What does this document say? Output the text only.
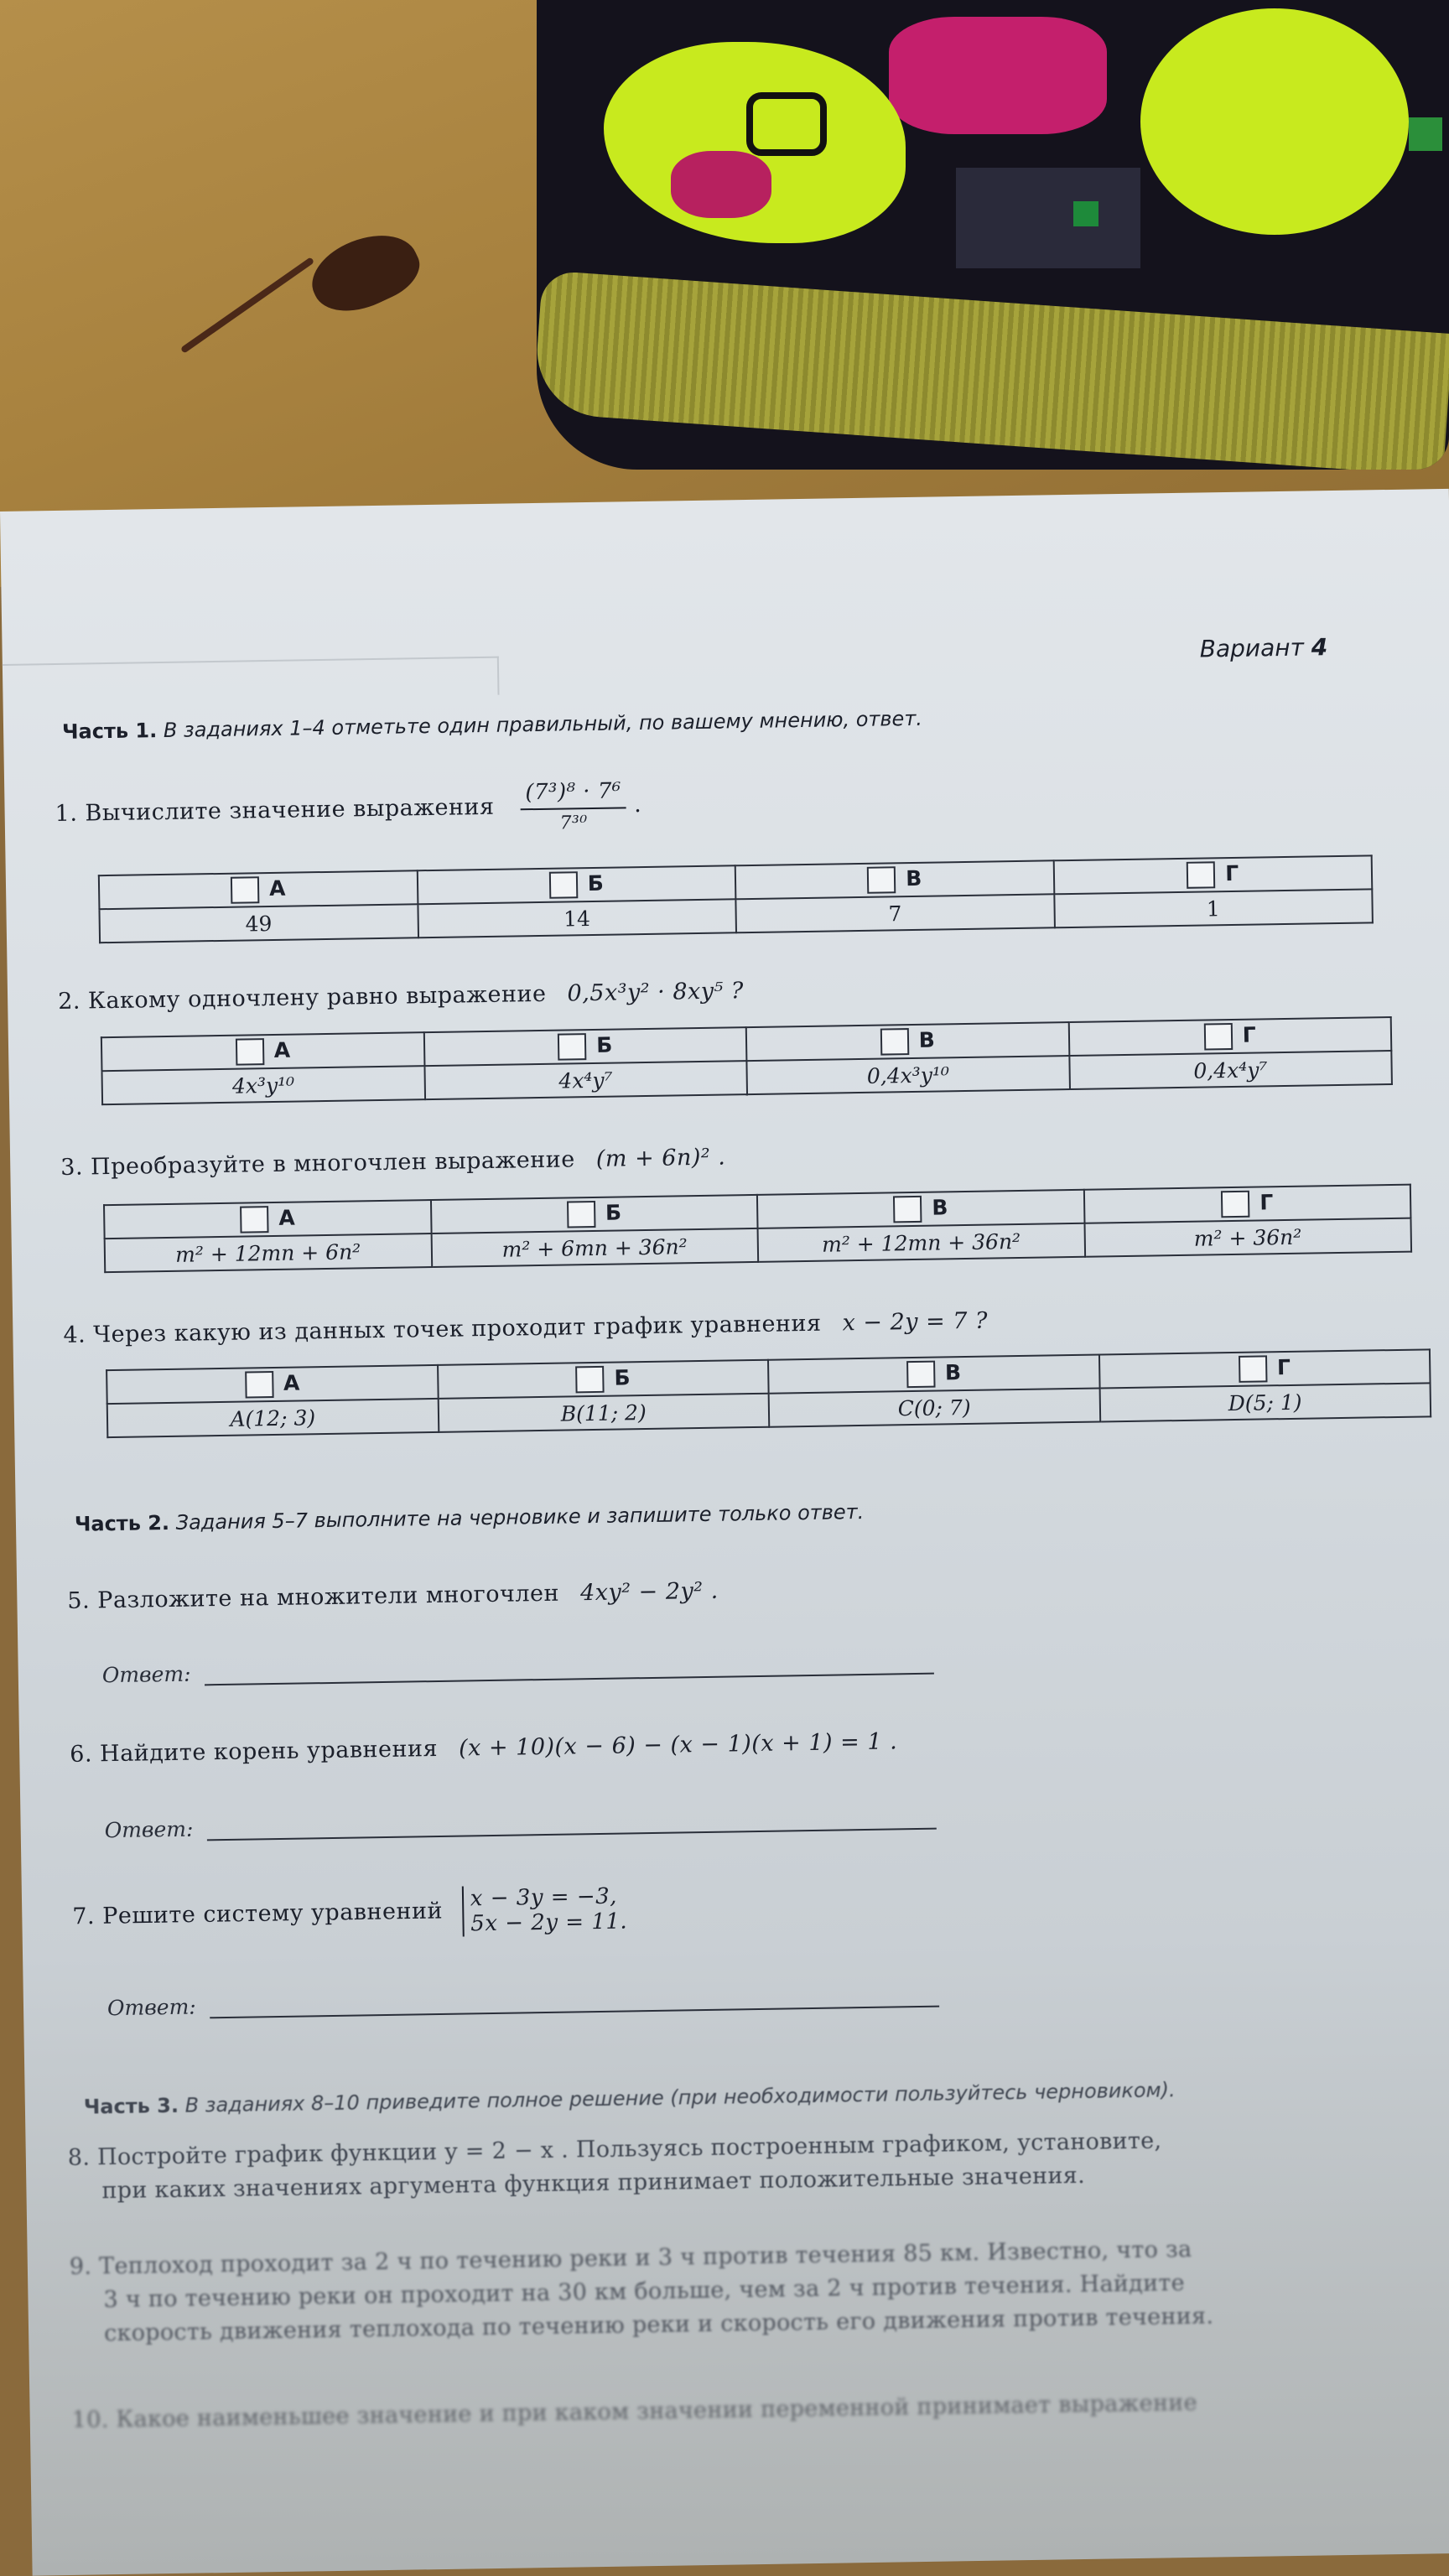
Вариант 4
Часть 1. В заданиях 1–4 отметьте один правильный, по вашему мнению, ответ.
1. Вычислите значение выражения $\frac{\text{(7³)⁸ · 7⁶}}{\text{7³⁰}}$ .
А	Б	В	Г
49	14	7	1
2. Какому одночлену равно выражение 0,5x³y² · 8xy⁵ ?
А	Б	В	Г
4x³y¹⁰	4x⁴y⁷	0,4x³y¹⁰	0,4x⁴y⁷
3. Преобразуйте в многочлен выражение (m + 6n)² .
А	Б	В	Г
m² + 12mn + 6n²	m² + 6mn + 36n²	m² + 12mn + 36n²	m² + 36n²
4. Через какую из данных точек проходит график уравнения x − 2y = 7 ?
А	Б	В	Г
A(12; 3)	B(11; 2)	C(0; 7)	D(5; 1)
Часть 2. Задания 5–7 выполните на черновике и запишите только ответ.
5. Разложите на множители многочлен 4xy² − 2y² .
Ответ:
6. Найдите корень уравнения (x + 10)(x − 6) − (x − 1)(x + 1) = 1 .
Ответ:
7. Решите систему уравнений
x − 3y = −3,
5x − 2y = 11.
Ответ:
Часть 3. В заданиях 8–10 приведите полное решение (при необходимости пользуйтесь черновиком).
8. Постройте график функции y = 2 − x . Пользуясь построенным графиком, установите,
при каких значениях аргумента функция принимает положительные значения.
9. Теплоход проходит за 2 ч по течению реки и 3 ч против течения 85 км. Известно, что за
3 ч по течению реки он проходит на 30 км больше, чем за 2 ч против течения. Найдите
скорость движения теплохода по течению реки и скорость его движения против течения.
10. Какое наименьшее значение и при каком значении переменной принимает выражение
